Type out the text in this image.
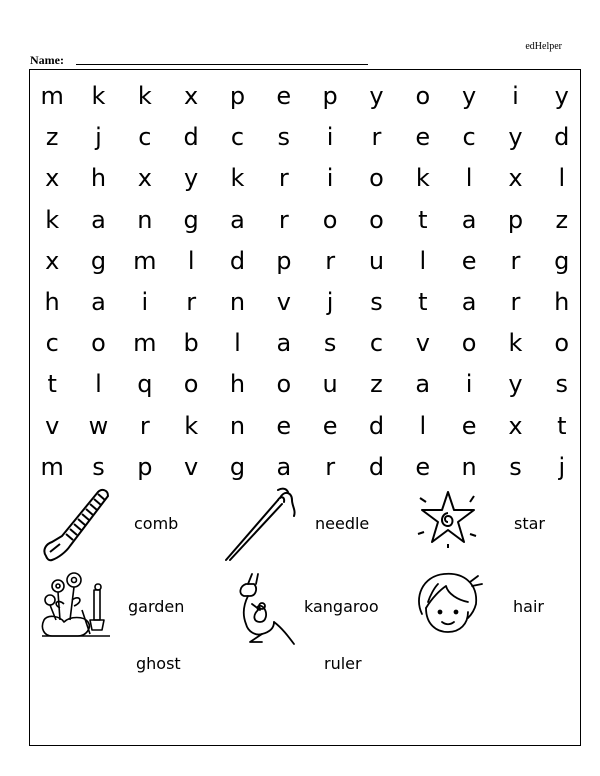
edHelper
Name:
m	k	k	x	p	e	p	y	o	y	i	y
z	j	c	d	c	s	i	r	e	c	y	d
x	h	x	y	k	r	i	o	k	l	x	l
k	a	n	g	a	r	o	o	t	a	p	z
x	g	m	l	d	p	r	u	l	e	r	g
h	a	i	r	n	v	j	s	t	a	r	h
c	o	m	b	l	a	s	c	v	o	k	o
t	l	q	o	h	o	u	z	a	i	y	s
v	w	r	k	n	e	e	d	l	e	x	t
m	s	p	v	g	a	r	d	e	n	s	j
comb	needle	star
garden	kangaroo	hair
ghost	ruler
